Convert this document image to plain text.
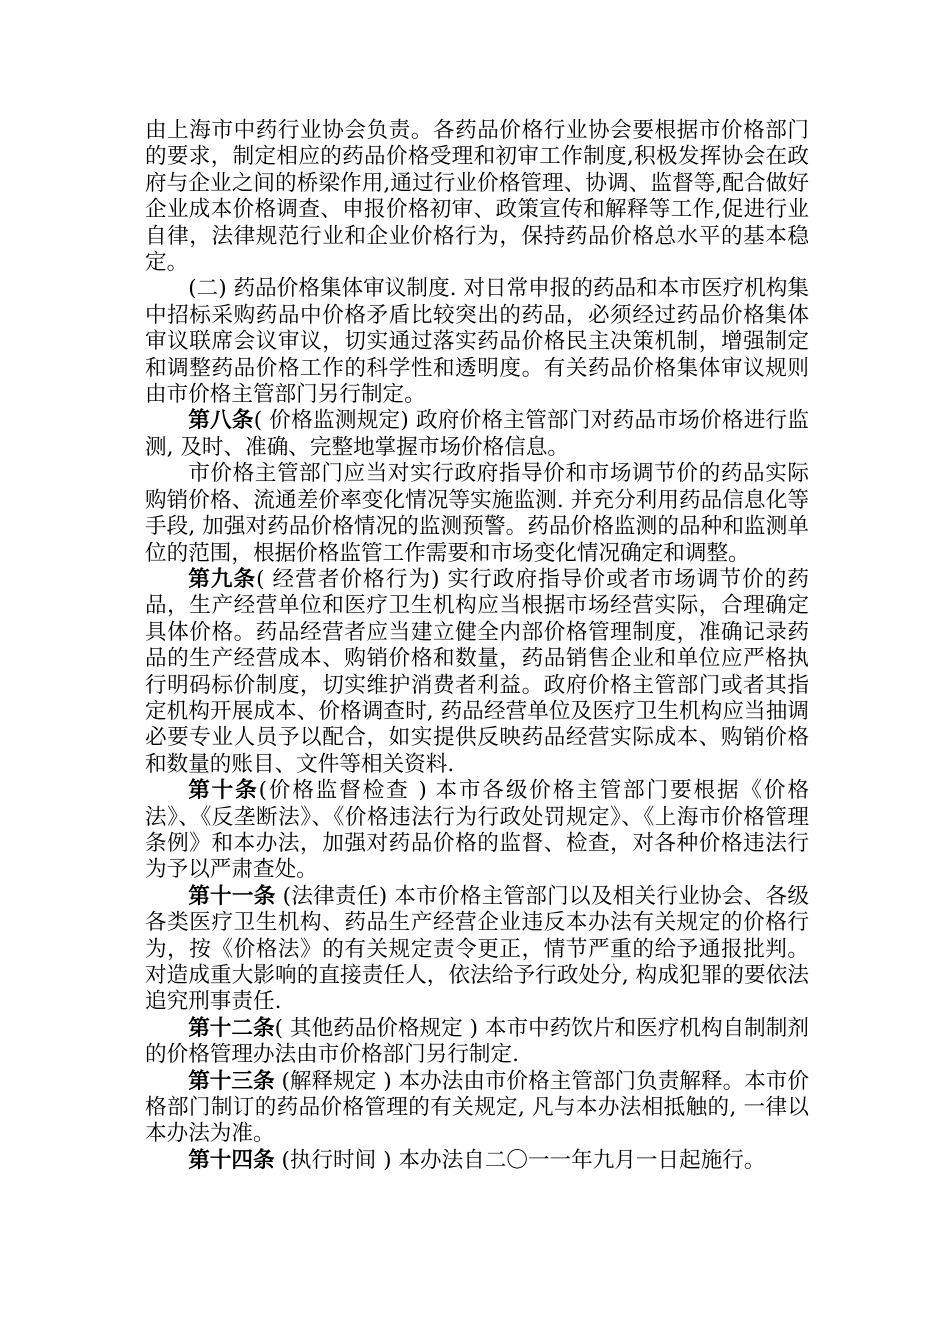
由上海市中药行业协会负责。各药品价格行业协会要根据市价格部门的要求，制定相应的药品价格受理和初审工作制度,积极发挥协会在政府与企业之间的桥梁作用,通过行业价格管理、协调、监督等,配合做好企业成本价格调查、申报价格初审、政策宣传和解释等工作,促进行业自律，法律规范行业和企业价格行为，保持药品价格总水平的基本稳定。

(二) 药品价格集体审议制度. 对日常申报的药品和本市医疗机构集中招标采购药品中价格矛盾比较突出的药品，必须经过药品价格集体审议联席会议审议，切实通过落实药品价格民主决策机制，增强制定和调整药品价格工作的科学性和透明度。有关药品价格集体审议规则由市价格主管部门另行制定。

第八条( 价格监测规定) 政府价格主管部门对药品市场价格进行监测, 及时、准确、完整地掌握市场价格信息。

市价格主管部门应当对实行政府指导价和市场调节价的药品实际购销价格、流通差价率变化情况等实施监测. 并充分利用药品信息化等手段, 加强对药品价格情况的监测预警。药品价格监测的品种和监测单位的范围，根据价格监管工作需要和市场变化情况确定和调整。

第九条( 经营者价格行为) 实行政府指导价或者市场调节价的药品，生产经营单位和医疗卫生机构应当根据市场经营实际，合理确定具体价格。药品经营者应当建立健全内部价格管理制度，准确记录药品的生产经营成本、购销价格和数量，药品销售企业和单位应严格执行明码标价制度，切实维护消费者利益。政府价格主管部门或者其指定机构开展成本、价格调查时, 药品经营单位及医疗卫生机构应当抽调必要专业人员予以配合，如实提供反映药品经营实际成本、购销价格和数量的账目、文件等相关资料.

第十条(价格监督检查 ) 本市各级价格主管部门要根据《价格法》、《反垄断法》、《价格违法行为行政处罚规定》、《上海市价格管理条例》和本办法，加强对药品价格的监督、检查，对各种价格违法行为予以严肃查处。

第十一条 (法律责任) 本市价格主管部门以及相关行业协会、各级各类医疗卫生机构、药品生产经营企业违反本办法有关规定的价格行为，按《价格法》的有关规定责令更正，情节严重的给予通报批判。对造成重大影响的直接责任人，依法给予行政处分, 构成犯罪的要依法追究刑事责任.

第十二条( 其他药品价格规定 ) 本市中药饮片和医疗机构自制制剂的价格管理办法由市价格部门另行制定.

第十三条 (解释规定 ) 本办法由市价格主管部门负责解释。本市价格部门制订的药品价格管理的有关规定, 凡与本办法相抵触的, 一律以本办法为准。

第十四条 (执行时间 ) 本办法自二〇一一年九月一日起施行。
